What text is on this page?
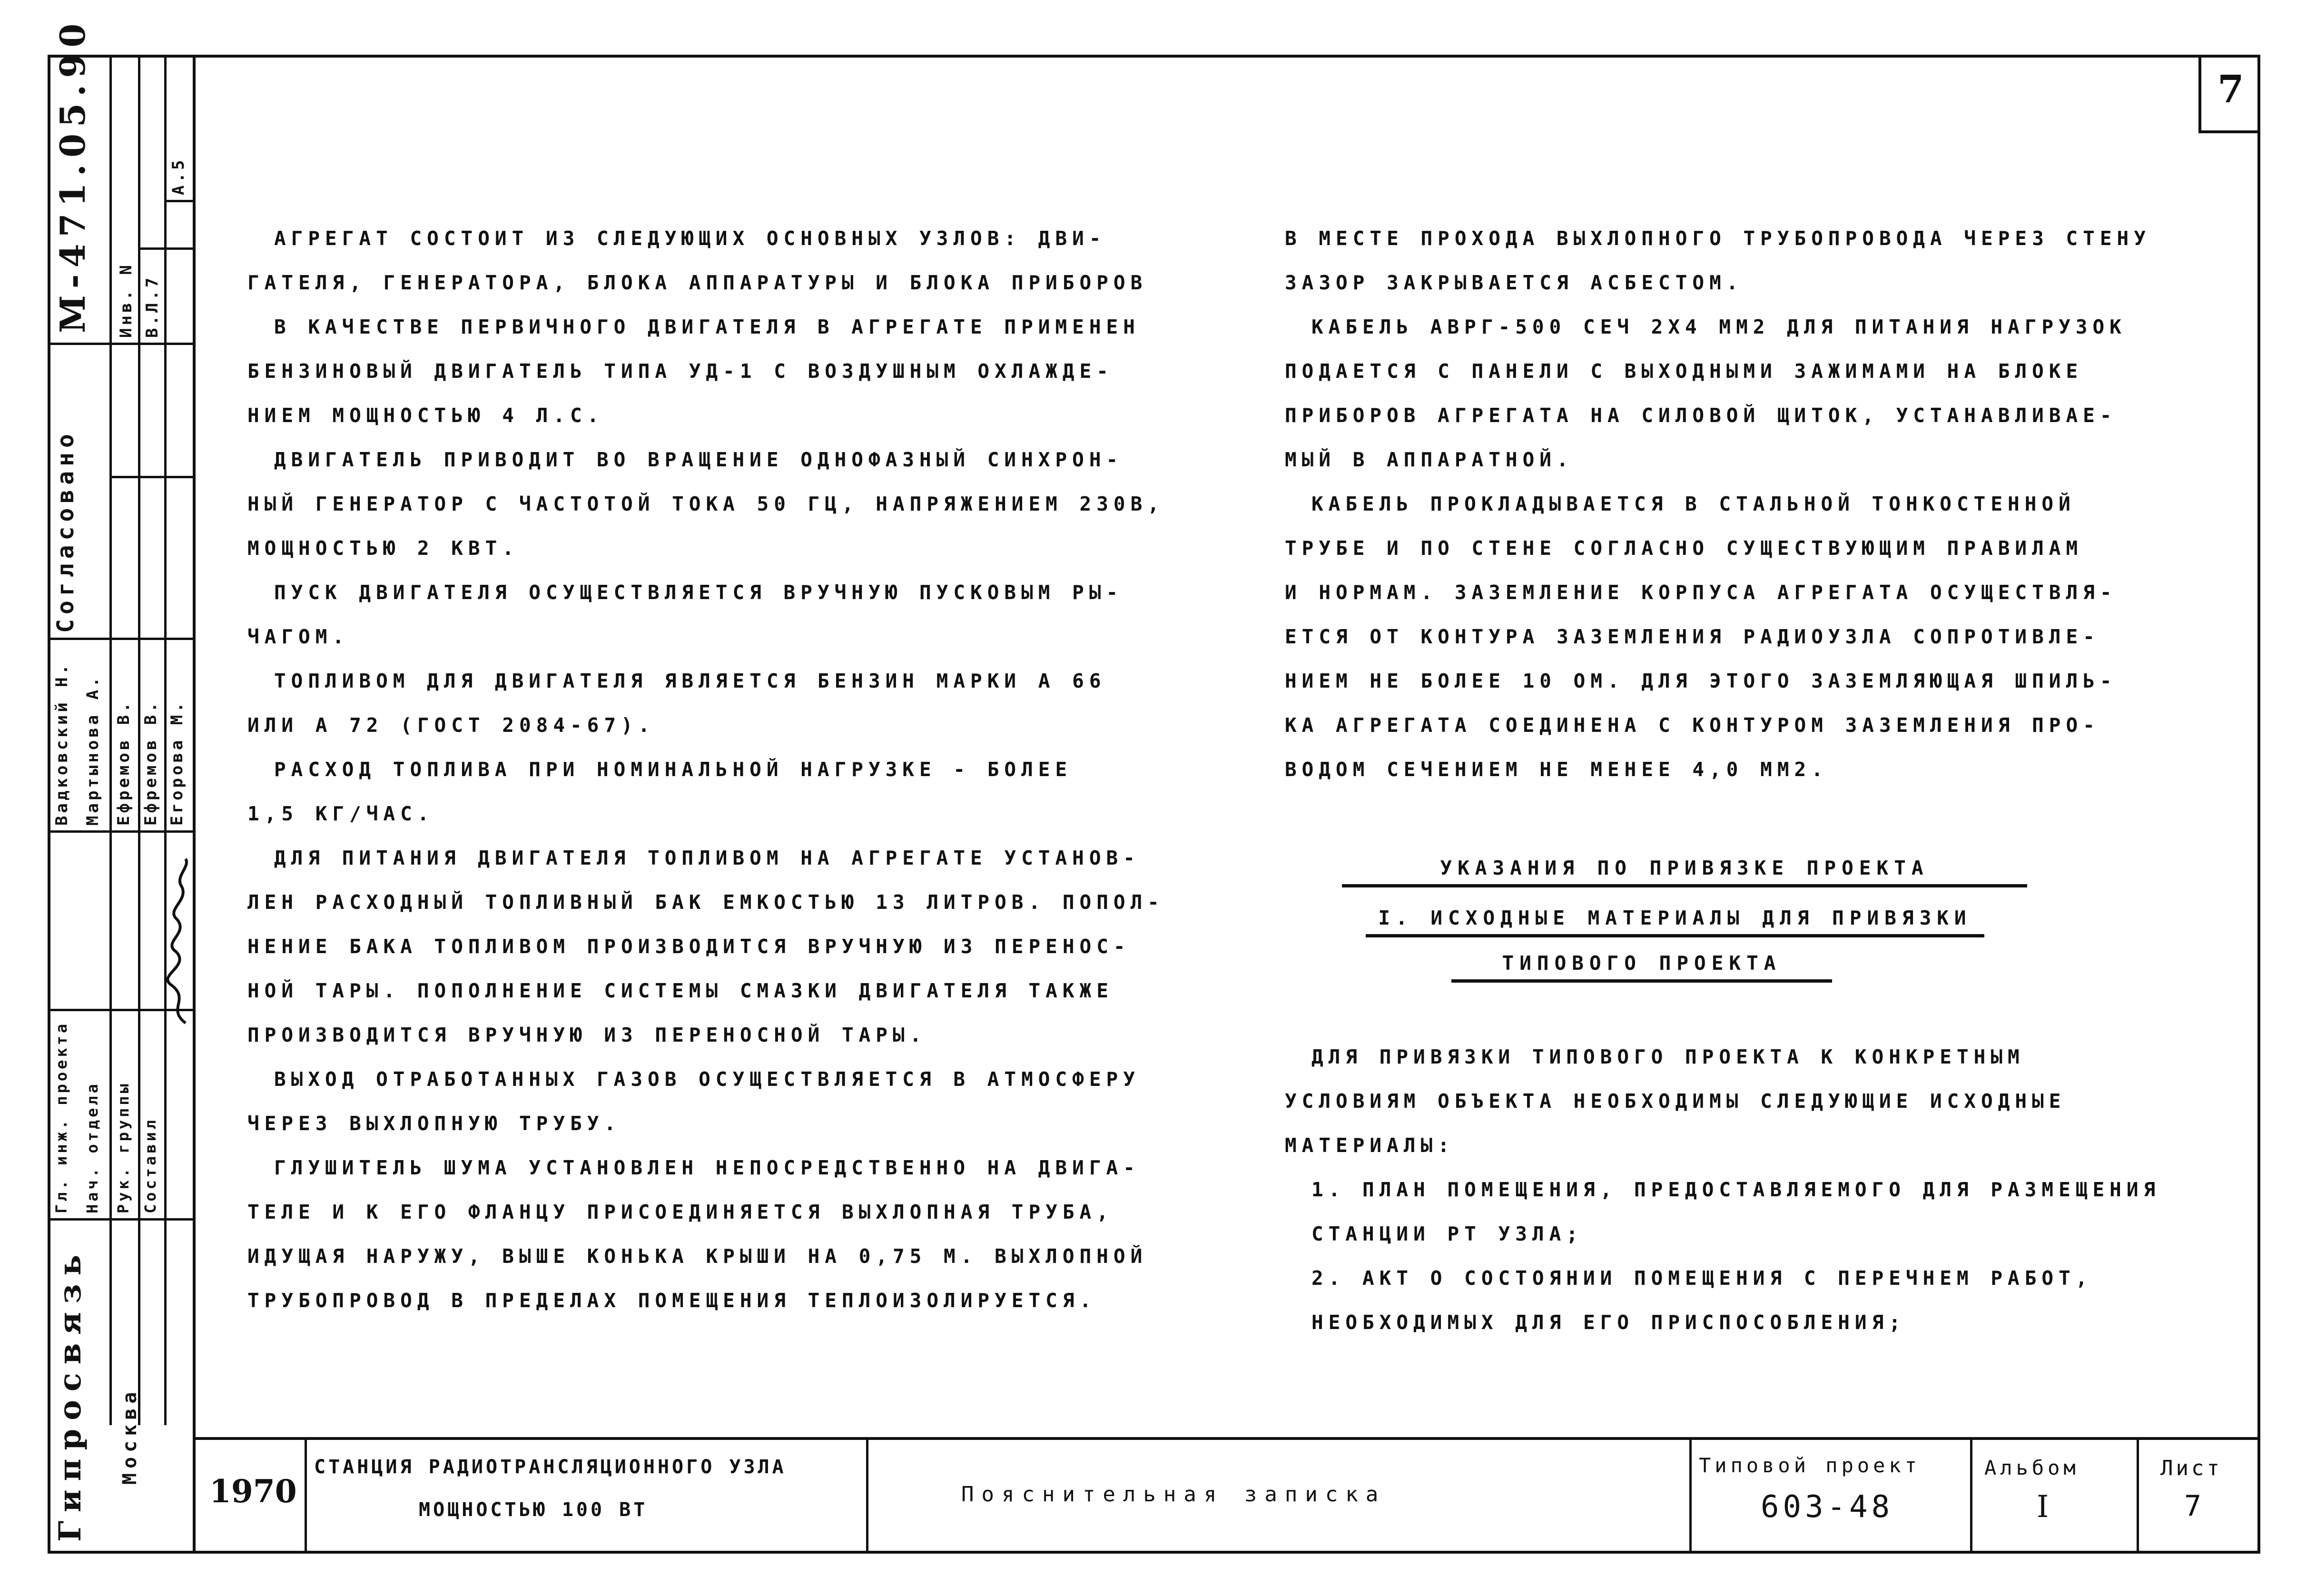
7
М-471.05.90 Инв. N В.Л.7
А.5
Согласовано
Гипросвязь Москва
Вадковский Н. Мартынова А. Ефремов В. Ефремов В. Егорова М.
Гл. инж. проекта Нач. отдела Рук. группы Составил

АГРЕГАТ СОСТОИТ ИЗ СЛЕДУЮЩИХ ОСНОВНЫХ УЗЛОВ: ДВИ-

ГАТЕЛЯ, ГЕНЕРАТОРА, БЛОКА АППАРАТУРЫ И БЛОКА ПРИБОРОВ

В КАЧЕСТВЕ ПЕРВИЧНОГО ДВИГАТЕЛЯ В АГРЕГАТЕ ПРИМЕНЕН

БЕНЗИНОВЫЙ ДВИГАТЕЛЬ ТИПА УД-1 С ВОЗДУШНЫМ ОХЛАЖДЕ-

НИЕМ МОЩНОСТЬЮ 4 Л.С.

ДВИГАТЕЛЬ ПРИВОДИТ ВО ВРАЩЕНИЕ ОДНОФАЗНЫЙ СИНХРОН-

НЫЙ ГЕНЕРАТОР С ЧАСТОТОЙ ТОКА 50 ГЦ, НАПРЯЖЕНИЕМ 230В,

МОЩНОСТЬЮ 2 КВТ.

ПУСК ДВИГАТЕЛЯ ОСУЩЕСТВЛЯЕТСЯ ВРУЧНУЮ ПУСКОВЫМ РЫ-

ЧАГОМ.

ТОПЛИВОМ ДЛЯ ДВИГАТЕЛЯ ЯВЛЯЕТСЯ БЕНЗИН МАРКИ А 66

ИЛИ А 72 (ГОСТ 2084-67).

РАСХОД ТОПЛИВА ПРИ НОМИНАЛЬНОЙ НАГРУЗКЕ - БОЛЕЕ

1,5 КГ/ЧАС.

ДЛЯ ПИТАНИЯ ДВИГАТЕЛЯ ТОПЛИВОМ НА АГРЕГАТЕ УСТАНОВ-

ЛЕН РАСХОДНЫЙ ТОПЛИВНЫЙ БАК ЕМКОСТЬЮ 13 ЛИТРОВ. ПОПОЛ-

НЕНИЕ БАКА ТОПЛИВОМ ПРОИЗВОДИТСЯ ВРУЧНУЮ ИЗ ПЕРЕНОС-

НОЙ ТАРЫ. ПОПОЛНЕНИЕ СИСТЕМЫ СМАЗКИ ДВИГАТЕЛЯ ТАКЖЕ

ПРОИЗВОДИТСЯ ВРУЧНУЮ ИЗ ПЕРЕНОСНОЙ ТАРЫ.

ВЫХОД ОТРАБОТАННЫХ ГАЗОВ ОСУЩЕСТВЛЯЕТСЯ В АТМОСФЕРУ

ЧЕРЕЗ ВЫХЛОПНУЮ ТРУБУ.

ГЛУШИТЕЛЬ ШУМА УСТАНОВЛЕН НЕПОСРЕДСТВЕННО НА ДВИГА-

ТЕЛЕ И К ЕГО ФЛАНЦУ ПРИСОЕДИНЯЕТСЯ ВЫХЛОПНАЯ ТРУБА,

ИДУЩАЯ НАРУЖУ, ВЫШЕ КОНЬКА КРЫШИ НА 0,75 М. ВЫХЛОПНОЙ

ТРУБОПРОВОД В ПРЕДЕЛАХ ПОМЕЩЕНИЯ ТЕПЛОИЗОЛИРУЕТСЯ.

В МЕСТЕ ПРОХОДА ВЫХЛОПНОГО ТРУБОПРОВОДА ЧЕРЕЗ СТЕНУ

ЗАЗОР ЗАКРЫВАЕТСЯ АСБЕСТОМ.

КАБЕЛЬ АВРГ-500 СЕЧ 2Х4 ММ2 ДЛЯ ПИТАНИЯ НАГРУЗОК

ПОДАЕТСЯ С ПАНЕЛИ С ВЫХОДНЫМИ ЗАЖИМАМИ НА БЛОКЕ

ПРИБОРОВ АГРЕГАТА НА СИЛОВОЙ ЩИТОК, УСТАНАВЛИВАЕ-

МЫЙ В АППАРАТНОЙ.

КАБЕЛЬ ПРОКЛАДЫВАЕТСЯ В СТАЛЬНОЙ ТОНКОСТЕННОЙ

ТРУБЕ И ПО СТЕНЕ СОГЛАСНО СУЩЕСТВУЮЩИМ ПРАВИЛАМ

И НОРМАМ. ЗАЗЕМЛЕНИЕ КОРПУСА АГРЕГАТА ОСУЩЕСТВЛЯ-

ЕТСЯ ОТ КОНТУРА ЗАЗЕМЛЕНИЯ РАДИОУЗЛА СОПРОТИВЛЕ-

НИЕМ НЕ БОЛЕЕ 10 ОМ. ДЛЯ ЭТОГО ЗАЗЕМЛЯЮЩАЯ ШПИЛЬ-

КА АГРЕГАТА СОЕДИНЕНА С КОНТУРОМ ЗАЗЕМЛЕНИЯ ПРО-

ВОДОМ СЕЧЕНИЕМ НЕ МЕНЕЕ 4,0 ММ2.

УКАЗАНИЯ ПО ПРИВЯЗКЕ ПРОЕКТА
I. ИСХОДНЫЕ МАТЕРИАЛЫ ДЛЯ ПРИВЯЗКИ
ТИПОВОГО ПРОЕКТА

ДЛЯ ПРИВЯЗКИ ТИПОВОГО ПРОЕКТА К КОНКРЕТНЫМ

УСЛОВИЯМ ОБЪЕКТА НЕОБХОДИМЫ СЛЕДУЮЩИЕ ИСХОДНЫЕ

МАТЕРИАЛЫ:

1. ПЛАН ПОМЕЩЕНИЯ, ПРЕДОСТАВЛЯЕМОГО ДЛЯ РАЗМЕЩЕНИЯ

СТАНЦИИ РТ УЗЛА;

2. АКТ О СОСТОЯНИИ ПОМЕЩЕНИЯ С ПЕРЕЧНЕМ РАБОТ,

НЕОБХОДИМЫХ ДЛЯ ЕГО ПРИСПОСОБЛЕНИЯ;

1970
СТАНЦИЯ РАДИОТРАНСЛЯЦИОННОГО УЗЛА
МОЩНОСТЬЮ 100 ВТ
Пояснительная записка
Типовой проект
603-48
Альбом
I
Лист
7
